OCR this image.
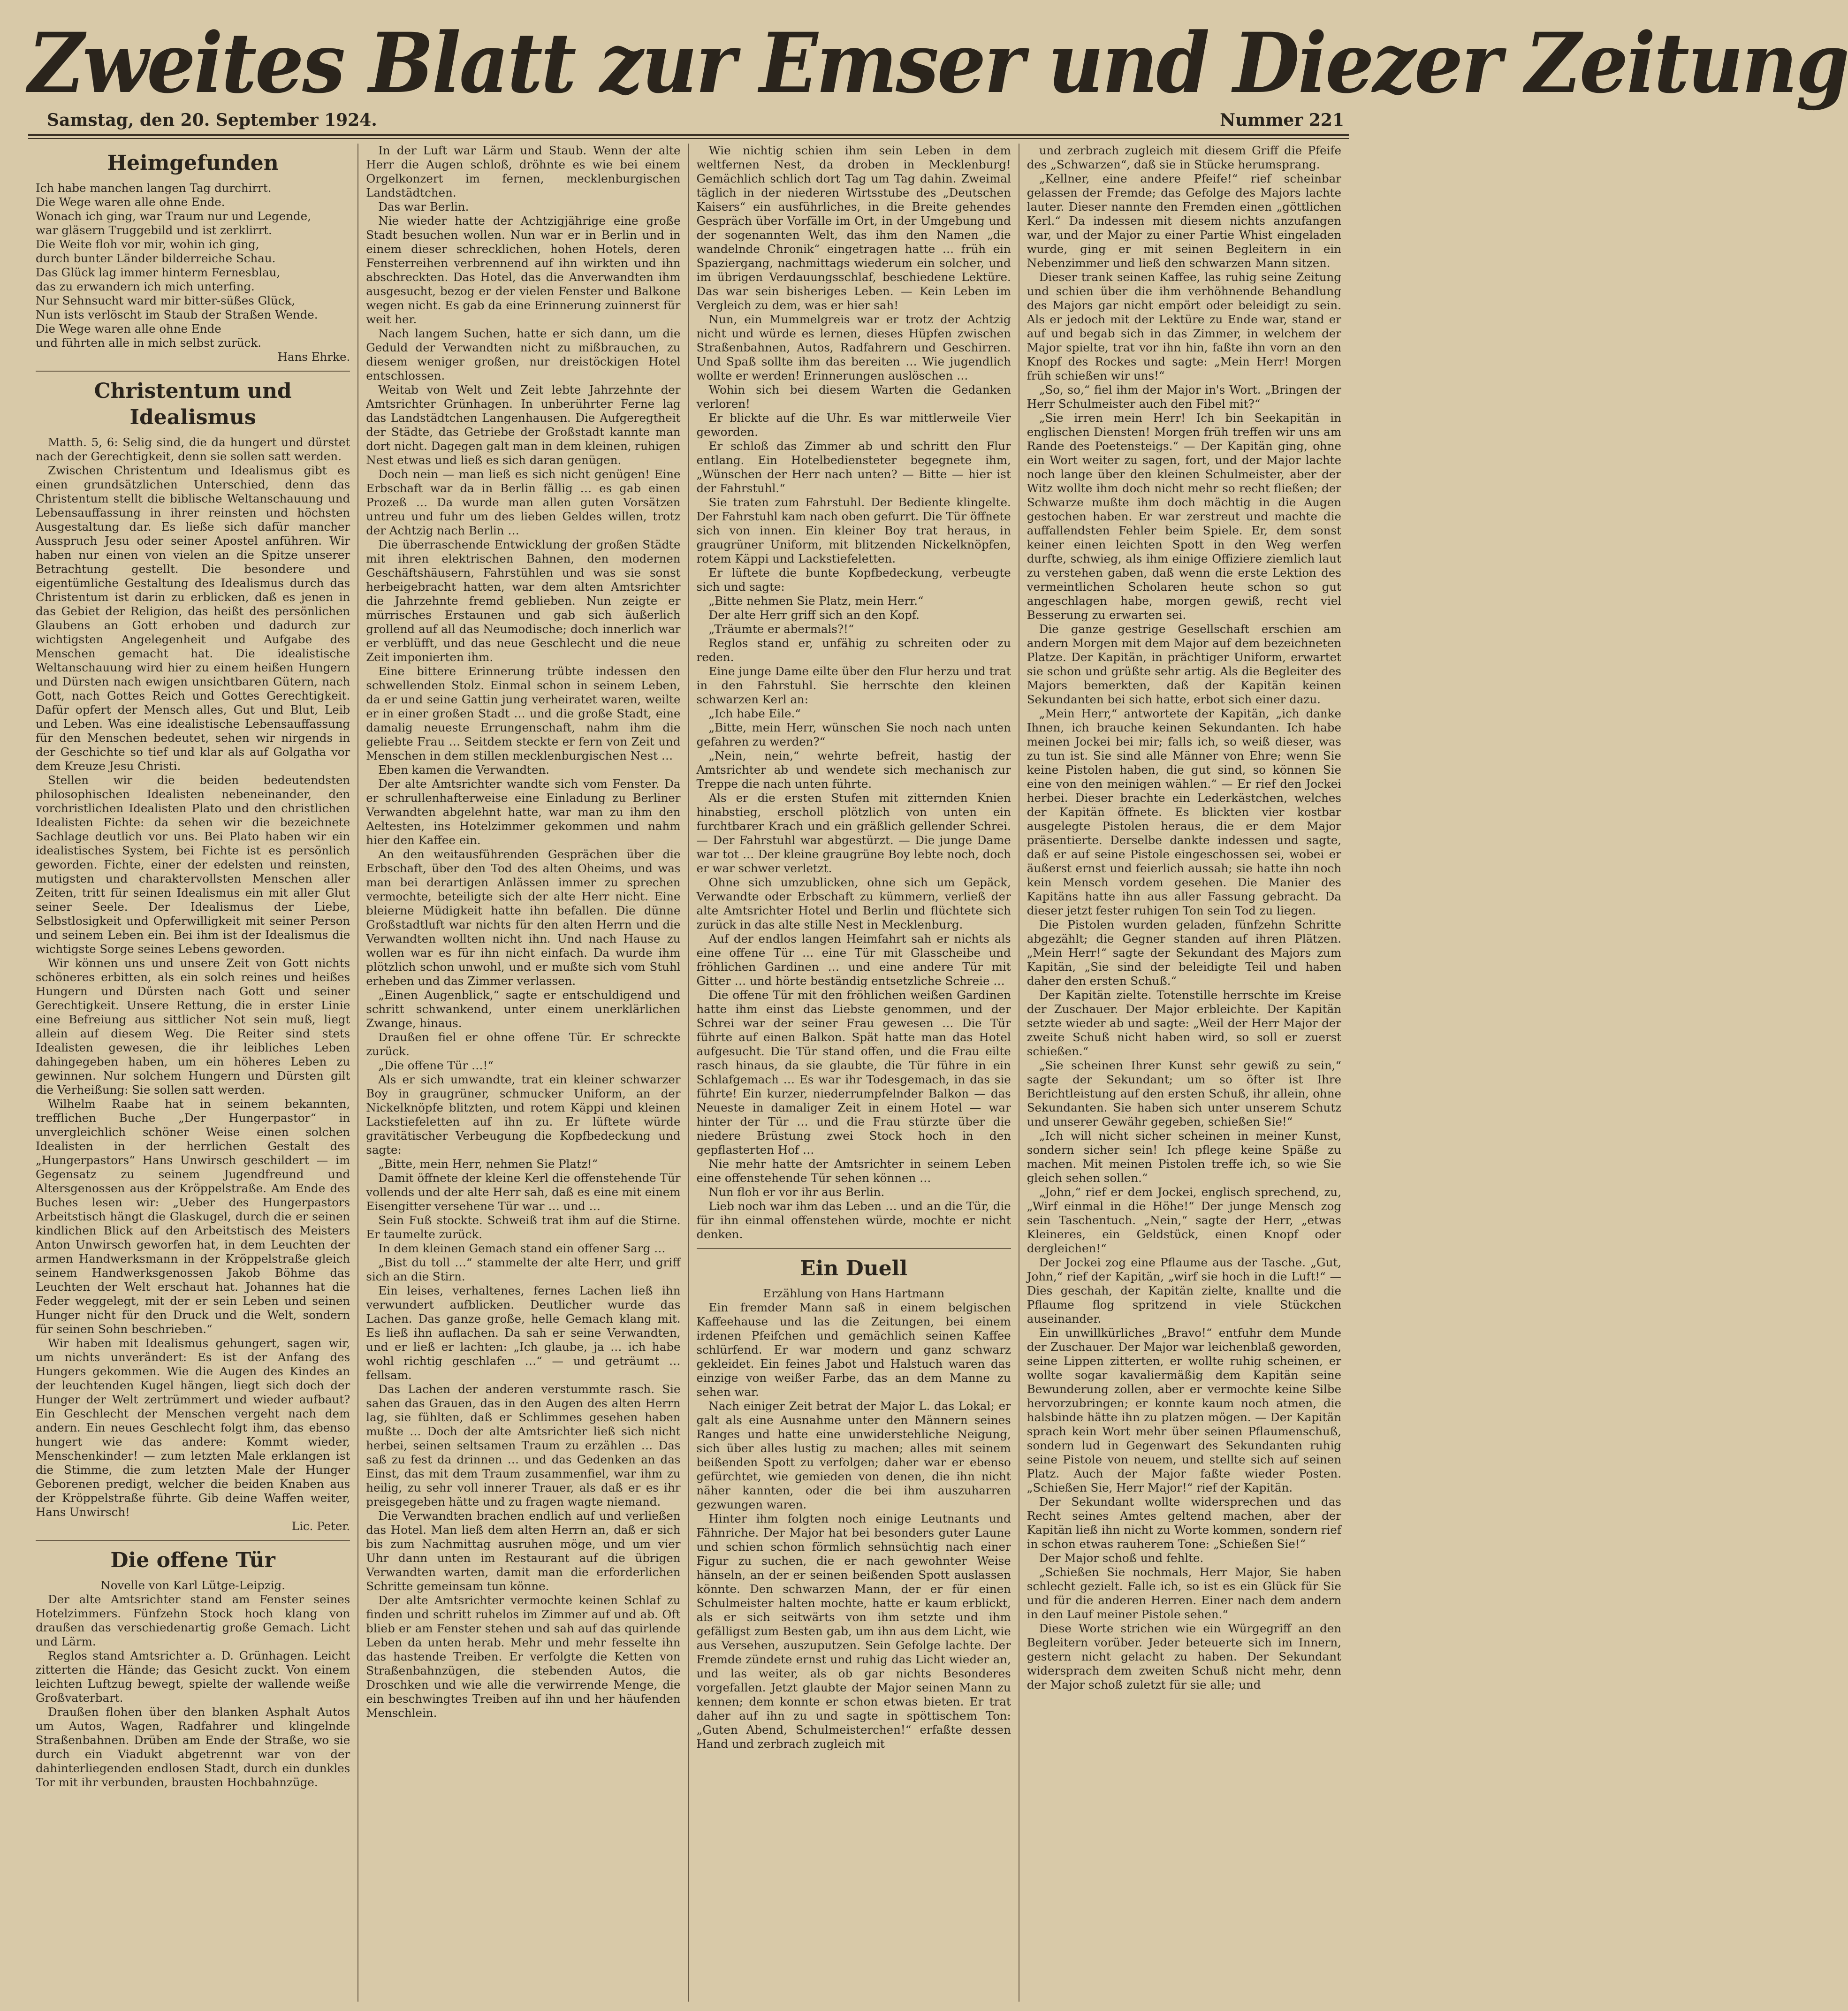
Zweites Blatt zur Emser und Diezer Zeitung
Samstag, den 20. September 1924.	Nummer 221
Heimgefunden

Ich habe manchen langen Tag durchirrt.

Die Wege waren alle ohne Ende.

Wonach ich ging, war Traum nur und Legende,

war gläsern Truggebild und ist zerklirrt.

Die Weite floh vor mir, wohin ich ging,

durch bunter Länder bilderreiche Schau.

Das Glück lag immer hinterm Fernesblau,

das zu erwandern ich mich unterfing.

Nur Sehnsucht ward mir bitter-süßes Glück,

Nun ists verlöscht im Staub der Straßen Wende.

Die Wege waren alle ohne Ende

und führten alle in mich selbst zurück.

Hans Ehrke.

Christentum und Idealismus

Matth. 5, 6: Selig sind, die da hungert und dürstet nach der Gerechtigkeit, denn sie sollen satt werden.

Zwischen Christentum und Idealismus gibt es einen grundsätzlichen Unterschied, denn das Christentum stellt die biblische Weltanschauung und Lebensauffassung in ihrer reinsten und höchsten Ausgestaltung dar. Es ließe sich dafür mancher Ausspruch Jesu oder seiner Apostel anführen. Wir haben nur einen von vielen an die Spitze unserer Betrachtung gestellt. Die besondere und eigentümliche Gestaltung des Idealismus durch das Christentum ist darin zu erblicken, daß es jenen in das Gebiet der Religion, das heißt des persönlichen Glaubens an Gott erhoben und dadurch zur wichtigsten Angelegenheit und Aufgabe des Menschen gemacht hat. Die idealistische Weltanschauung wird hier zu einem heißen Hungern und Dürsten nach ewigen unsichtbaren Gütern, nach Gott, nach Gottes Reich und Gottes Gerechtigkeit. Dafür opfert der Mensch alles, Gut und Blut, Leib und Leben. Was eine idealistische Lebensauffassung für den Menschen bedeutet, sehen wir nirgends in der Geschichte so tief und klar als auf Golgatha vor dem Kreuze Jesu Christi.

Stellen wir die beiden bedeutendsten philosophischen Idealisten nebeneinander, den vorchristlichen Idealisten Plato und den christlichen Idealisten Fichte: da sehen wir die bezeichnete Sachlage deutlich vor uns. Bei Plato haben wir ein idealistisches System, bei Fichte ist es persönlich geworden. Fichte, einer der edelsten und reinsten, mutigsten und charaktervollsten Menschen aller Zeiten, tritt für seinen Idealismus ein mit aller Glut seiner Seele. Der Idealismus der Liebe, Selbstlosigkeit und Opferwilligkeit mit seiner Person und seinem Leben ein. Bei ihm ist der Idealismus die wichtigste Sorge seines Lebens geworden.

Wir können uns und unsere Zeit von Gott nichts schöneres erbitten, als ein solch reines und heißes Hungern und Dürsten nach Gott und seiner Gerechtigkeit. Unsere Rettung, die in erster Linie eine Befreiung aus sittlicher Not sein muß, liegt allein auf diesem Weg. Die Reiter sind stets Idealisten gewesen, die ihr leibliches Leben dahingegeben haben, um ein höheres Leben zu gewinnen. Nur solchem Hungern und Dürsten gilt die Verheißung: Sie sollen satt werden.

Wilhelm Raabe hat in seinem bekannten, trefflichen Buche „Der Hungerpastor“ in unvergleichlich schöner Weise einen solchen Idealisten in der herrlichen Gestalt des „Hungerpastors“ Hans Unwirsch geschildert — im Gegensatz zu seinem Jugendfreund und Altersgenossen aus der Kröppelstraße. Am Ende des Buches lesen wir: „Ueber des Hungerpastors Arbeitstisch hängt die Glaskugel, durch die er seinen kindlichen Blick auf den Arbeitstisch des Meisters Anton Unwirsch geworfen hat, in dem Leuchten der armen Handwerksmann in der Kröppelstraße gleich seinem Handwerksgenossen Jakob Böhme das Leuchten der Welt erschaut hat. Johannes hat die Feder weggelegt, mit der er sein Leben und seinen Hunger nicht für den Druck und die Welt, sondern für seinen Sohn beschrieben.“

Wir haben mit Idealismus gehungert, sagen wir, um nichts unverändert: Es ist der Anfang des Hungers gekommen. Wie die Augen des Kindes an der leuchtenden Kugel hängen, liegt sich doch der Hunger der Welt zertrümmert und wieder aufbaut? Ein Geschlecht der Menschen vergeht nach dem andern. Ein neues Geschlecht folgt ihm, das ebenso hungert wie das andere: Kommt wieder, Menschenkinder! — zum letzten Male erklangen ist die Stimme, die zum letzten Male der Hunger Geborenen predigt, welcher die beiden Knaben aus der Kröppelstraße führte. Gib deine Waffen weiter, Hans Unwirsch!

Lic. Peter.

Die offene Tür

Novelle von Karl Lütge-Leipzig.

Der alte Amtsrichter stand am Fenster seines Hotelzimmers. Fünfzehn Stock hoch klang von draußen das verschiedenartig große Gemach. Licht und Lärm.

Reglos stand Amtsrichter a. D. Grünhagen. Leicht zitterten die Hände; das Gesicht zuckt. Von einem leichten Luftzug bewegt, spielte der wallende weiße Großvaterbart.

Draußen flohen über den blanken Asphalt Autos um Autos, Wagen, Radfahrer und klingelnde Straßenbahnen. Drüben am Ende der Straße, wo sie durch ein Viadukt abgetrennt war von der dahinterliegenden endlosen Stadt, durch ein dunkles Tor mit ihr verbunden, brausten Hochbahnzüge.

In der Luft war Lärm und Staub. Wenn der alte Herr die Augen schloß, dröhnte es wie bei einem Orgelkonzert im fernen, mecklenburgischen Landstädtchen.

Das war Berlin.

Nie wieder hatte der Achtzigjährige eine große Stadt besuchen wollen. Nun war er in Berlin und in einem dieser schrecklichen, hohen Hotels, deren Fensterreihen verbrennend auf ihn wirkten und ihn abschreckten. Das Hotel, das die Anverwandten ihm ausgesucht, bezog er der vielen Fenster und Balkone wegen nicht. Es gab da eine Erinnerung zuinnerst für weit her.

Nach langem Suchen, hatte er sich dann, um die Geduld der Verwandten nicht zu mißbrauchen, zu diesem weniger großen, nur dreistöckigen Hotel entschlossen.

Weitab von Welt und Zeit lebte Jahrzehnte der Amtsrichter Grünhagen. In unberührter Ferne lag das Landstädtchen Langenhausen. Die Aufgeregtheit der Städte, das Getriebe der Großstadt kannte man dort nicht. Dagegen galt man in dem kleinen, ruhigen Nest etwas und ließ es sich daran genügen.

Doch nein — man ließ es sich nicht genügen! Eine Erbschaft war da in Berlin fällig … es gab einen Prozeß … Da wurde man allen guten Vorsätzen untreu und fuhr um des lieben Geldes willen, trotz der Achtzig nach Berlin …

Die überraschende Entwicklung der großen Städte mit ihren elektrischen Bahnen, den modernen Geschäftshäusern, Fahrstühlen und was sie sonst herbeigebracht hatten, war dem alten Amtsrichter die Jahrzehnte fremd geblieben. Nun zeigte er mürrisches Erstaunen und gab sich äußerlich grollend auf all das Neumodische; doch innerlich war er verblüfft, und das neue Geschlecht und die neue Zeit imponierten ihm.

Eine bittere Erinnerung trübte indessen den schwellenden Stolz. Einmal schon in seinem Leben, da er und seine Gattin jung verheiratet waren, weilte er in einer großen Stadt … und die große Stadt, eine damalig neueste Errungenschaft, nahm ihm die geliebte Frau … Seitdem steckte er fern von Zeit und Menschen in dem stillen mecklenburgischen Nest …

Eben kamen die Verwandten.

Der alte Amtsrichter wandte sich vom Fenster. Da er schrullenhafterweise eine Einladung zu Berliner Verwandten abgelehnt hatte, war man zu ihm den Aeltesten, ins Hotelzimmer gekommen und nahm hier den Kaffee ein.

An den weitausführenden Gesprächen über die Erbschaft, über den Tod des alten Oheims, und was man bei derartigen Anlässen immer zu sprechen vermochte, beteiligte sich der alte Herr nicht. Eine bleierne Müdigkeit hatte ihn befallen. Die dünne Großstadtluft war nichts für den alten Herrn und die Verwandten wollten nicht ihn. Und nach Hause zu wollen war es für ihn nicht einfach. Da wurde ihm plötzlich schon unwohl, und er mußte sich vom Stuhl erheben und das Zimmer verlassen.

„Einen Augenblick,“ sagte er entschuldigend und schritt schwankend, unter einem unerklärlichen Zwange, hinaus.

Draußen fiel er ohne offene Tür. Er schreckte zurück.

„Die offene Tür …!“

Als er sich umwandte, trat ein kleiner schwarzer Boy in graugrüner, schmucker Uniform, an der Nickelknöpfe blitzten, und rotem Käppi und kleinen Lackstiefeletten auf ihn zu. Er lüftete würde gravitätischer Verbeugung die Kopfbedeckung und sagte:

„Bitte, mein Herr, nehmen Sie Platz!“

Damit öffnete der kleine Kerl die offenstehende Tür vollends und der alte Herr sah, daß es eine mit einem Eisengitter versehene Tür war … und …

Sein Fuß stockte. Schweiß trat ihm auf die Stirne. Er taumelte zurück.

In dem kleinen Gemach stand ein offener Sarg …

„Bist du toll …“ stammelte der alte Herr, und griff sich an die Stirn.

Ein leises, verhaltenes, fernes Lachen ließ ihn verwundert aufblicken. Deutlicher wurde das Lachen. Das ganze große, helle Gemach klang mit. Es ließ ihn auflachen. Da sah er seine Verwandten, und er ließ er lachten: „Ich glaube, ja … ich habe wohl richtig geschlafen …“ — und geträumt … fellsam.

Das Lachen der anderen verstummte rasch. Sie sahen das Grauen, das in den Augen des alten Herrn lag, sie fühlten, daß er Schlimmes gesehen haben mußte … Doch der alte Amtsrichter ließ sich nicht herbei, seinen seltsamen Traum zu erzählen … Das saß zu fest da drinnen … und das Gedenken an das Einst, das mit dem Traum zusammenfiel, war ihm zu heilig, zu sehr voll innerer Trauer, als daß er es ihr preisgegeben hätte und zu fragen wagte niemand.

Die Verwandten brachen endlich auf und verließen das Hotel. Man ließ dem alten Herrn an, daß er sich bis zum Nachmittag ausruhen möge, und um vier Uhr dann unten im Restaurant auf die übrigen Verwandten warten, damit man die erforderlichen Schritte gemeinsam tun könne.

Der alte Amtsrichter vermochte keinen Schlaf zu finden und schritt ruhelos im Zimmer auf und ab. Oft blieb er am Fenster stehen und sah auf das quirlende Leben da unten herab. Mehr und mehr fesselte ihn das hastende Treiben. Er verfolgte die Ketten von Straßenbahnzügen, die stebenden Autos, die Droschken und wie alle die verwirrende Menge, die ein beschwingtes Treiben auf ihn und her häufenden Menschlein.

Wie nichtig schien ihm sein Leben in dem weltfernen Nest, da droben in Mecklenburg! Gemächlich schlich dort Tag um Tag dahin. Zweimal täglich in der niederen Wirtsstube des „Deutschen Kaisers“ ein ausführliches, in die Breite gehendes Gespräch über Vorfälle im Ort, in der Umgebung und der sogenannten Welt, das ihm den Namen „die wandelnde Chronik“ eingetragen hatte … früh ein Spaziergang, nachmittags wiederum ein solcher, und im übrigen Verdauungsschlaf, beschiedene Lektüre. Das war sein bisheriges Leben. — Kein Leben im Vergleich zu dem, was er hier sah!

Nun, ein Mummelgreis war er trotz der Achtzig nicht und würde es lernen, dieses Hüpfen zwischen Straßenbahnen, Autos, Radfahrern und Geschirren. Und Spaß sollte ihm das bereiten … Wie jugendlich wollte er werden! Erinnerungen auslöschen …

Wohin sich bei diesem Warten die Gedanken verloren!

Er blickte auf die Uhr. Es war mittlerweile Vier geworden.

Er schloß das Zimmer ab und schritt den Flur entlang. Ein Hotelbediensteter begegnete ihm, „Wünschen der Herr nach unten? — Bitte — hier ist der Fahrstuhl.“

Sie traten zum Fahrstuhl. Der Bediente klingelte. Der Fahrstuhl kam nach oben gefurrt. Die Tür öffnete sich von innen. Ein kleiner Boy trat heraus, in graugrüner Uniform, mit blitzenden Nickelknöpfen, rotem Käppi und Lackstiefeletten.

Er lüftete die bunte Kopfbedeckung, verbeugte sich und sagte:

„Bitte nehmen Sie Platz, mein Herr.“

Der alte Herr griff sich an den Kopf.

„Träumte er abermals?!“

Reglos stand er, unfähig zu schreiten oder zu reden.

Eine junge Dame eilte über den Flur herzu und trat in den Fahrstuhl. Sie herrschte den kleinen schwarzen Kerl an:

„Ich habe Eile.“

„Bitte, mein Herr, wünschen Sie noch nach unten gefahren zu werden?“

„Nein, nein,“ wehrte befreit, hastig der Amtsrichter ab und wendete sich mechanisch zur Treppe die nach unten führte.

Als er die ersten Stufen mit zitternden Knien hinabstieg, erscholl plötzlich von unten ein furchtbarer Krach und ein gräßlich gellender Schrei. — Der Fahrstuhl war abgestürzt. — Die junge Dame war tot … Der kleine graugrüne Boy lebte noch, doch er war schwer verletzt.

Ohne sich umzublicken, ohne sich um Gepäck, Verwandte oder Erbschaft zu kümmern, verließ der alte Amtsrichter Hotel und Berlin und flüchtete sich zurück in das alte stille Nest in Mecklenburg.

Auf der endlos langen Heimfahrt sah er nichts als eine offene Tür … eine Tür mit Glasscheibe und fröhlichen Gardinen … und eine andere Tür mit Gitter … und hörte beständig entsetzliche Schreie …

Die offene Tür mit den fröhlichen weißen Gardinen hatte ihm einst das Liebste genommen, und der Schrei war der seiner Frau gewesen … Die Tür führte auf einen Balkon. Spät hatte man das Hotel aufgesucht. Die Tür stand offen, und die Frau eilte rasch hinaus, da sie glaubte, die Tür führe in ein Schlafgemach … Es war ihr Todesgemach, in das sie führte! Ein kurzer, niederrumpfelnder Balkon — das Neueste in damaliger Zeit in einem Hotel — war hinter der Tür … und die Frau stürzte über die niedere Brüstung zwei Stock hoch in den gepflasterten Hof …

Nie mehr hatte der Amtsrichter in seinem Leben eine offenstehende Tür sehen können …

Nun floh er vor ihr aus Berlin.

Lieb noch war ihm das Leben … und an die Tür, die für ihn einmal offenstehen würde, mochte er nicht denken.

Ein Duell

Erzählung von Hans Hartmann

Ein fremder Mann saß in einem belgischen Kaffeehause und las die Zeitungen, bei einem irdenen Pfeifchen und gemächlich seinen Kaffee schlürfend. Er war modern und ganz schwarz gekleidet. Ein feines Jabot und Halstuch waren das einzige von weißer Farbe, das an dem Manne zu sehen war.

Nach einiger Zeit betrat der Major L. das Lokal; er galt als eine Ausnahme unter den Männern seines Ranges und hatte eine unwiderstehliche Neigung, sich über alles lustig zu machen; alles mit seinem beißenden Spott zu verfolgen; daher war er ebenso gefürchtet, wie gemieden von denen, die ihn nicht näher kannten, oder die bei ihm auszuharren gezwungen waren.

Hinter ihm folgten noch einige Leutnants und Fähnriche. Der Major hat bei besonders guter Laune und schien schon förmlich sehnsüchtig nach einer Figur zu suchen, die er nach gewohnter Weise hänseln, an der er seinen beißenden Spott auslassen könnte. Den schwarzen Mann, der er für einen Schulmeister halten mochte, hatte er kaum erblickt, als er sich seitwärts von ihm setzte und ihm gefälligst zum Besten gab, um ihn aus dem Licht, wie aus Versehen, auszuputzen. Sein Gefolge lachte. Der Fremde zündete ernst und ruhig das Licht wieder an, und las weiter, als ob gar nichts Besonderes vorgefallen. Jetzt glaubte der Major seinen Mann zu kennen; dem konnte er schon etwas bieten. Er trat daher auf ihn zu und sagte in spöttischem Ton: „Guten Abend, Schulmeisterchen!“ erfaßte dessen Hand und zerbrach zugleich mit

und zerbrach zugleich mit diesem Griff die Pfeife des „Schwarzen“, daß sie in Stücke herumsprang.

„Kellner, eine andere Pfeife!“ rief scheinbar gelassen der Fremde; das Gefolge des Majors lachte lauter. Dieser nannte den Fremden einen „göttlichen Kerl.“ Da indessen mit diesem nichts anzufangen war, und der Major zu einer Partie Whist eingeladen wurde, ging er mit seinen Begleitern in ein Nebenzimmer und ließ den schwarzen Mann sitzen.

Dieser trank seinen Kaffee, las ruhig seine Zeitung und schien über die ihm verhöhnende Behandlung des Majors gar nicht empört oder beleidigt zu sein. Als er jedoch mit der Lektüre zu Ende war, stand er auf und begab sich in das Zimmer, in welchem der Major spielte, trat vor ihn hin, faßte ihn vorn an den Knopf des Rockes und sagte: „Mein Herr! Morgen früh schießen wir uns!“

„So, so,“ fiel ihm der Major in's Wort. „Bringen der Herr Schulmeister auch den Fibel mit?“

„Sie irren mein Herr! Ich bin Seekapitän in englischen Diensten! Morgen früh treffen wir uns am Rande des Poetensteigs.“ — Der Kapitän ging, ohne ein Wort weiter zu sagen, fort, und der Major lachte noch lange über den kleinen Schulmeister, aber der Witz wollte ihm doch nicht mehr so recht fließen; der Schwarze mußte ihm doch mächtig in die Augen gestochen haben. Er war zerstreut und machte die auffallendsten Fehler beim Spiele. Er, dem sonst keiner einen leichten Spott in den Weg werfen durfte, schwieg, als ihm einige Offiziere ziemlich laut zu verstehen gaben, daß wenn die erste Lektion des vermeintlichen Scholaren heute schon so gut angeschlagen habe, morgen gewiß, recht viel Besserung zu erwarten sei.

Die ganze gestrige Gesellschaft erschien am andern Morgen mit dem Major auf dem bezeichneten Platze. Der Kapitän, in prächtiger Uniform, erwartet sie schon und grüßte sehr artig. Als die Begleiter des Majors bemerkten, daß der Kapitän keinen Sekundanten bei sich hatte, erbot sich einer dazu.

„Mein Herr,“ antwortete der Kapitän, „ich danke Ihnen, ich brauche keinen Sekundanten. Ich habe meinen Jockei bei mir; falls ich, so weiß dieser, was zu tun ist. Sie sind alle Männer von Ehre; wenn Sie keine Pistolen haben, die gut sind, so können Sie eine von den meinigen wählen.“ — Er rief den Jockei herbei. Dieser brachte ein Lederkästchen, welches der Kapitän öffnete. Es blickten vier kostbar ausgelegte Pistolen heraus, die er dem Major präsentierte. Derselbe dankte indessen und sagte, daß er auf seine Pistole eingeschossen sei, wobei er äußerst ernst und feierlich aussah; sie hatte ihn noch kein Mensch vordem gesehen. Die Manier des Kapitäns hatte ihn aus aller Fassung gebracht. Da dieser jetzt fester ruhigen Ton sein Tod zu liegen.

Die Pistolen wurden geladen, fünfzehn Schritte abgezählt; die Gegner standen auf ihren Plätzen. „Mein Herr!“ sagte der Sekundant des Majors zum Kapitän, „Sie sind der beleidigte Teil und haben daher den ersten Schuß.“

Der Kapitän zielte. Totenstille herrschte im Kreise der Zuschauer. Der Major erbleichte. Der Kapitän setzte wieder ab und sagte: „Weil der Herr Major der zweite Schuß nicht haben wird, so soll er zuerst schießen.“

„Sie scheinen Ihrer Kunst sehr gewiß zu sein,“ sagte der Sekundant; um so öfter ist Ihre Berichtleistung auf den ersten Schuß, ihr allein, ohne Sekundanten. Sie haben sich unter unserem Schutz und unserer Gewähr gegeben, schießen Sie!“

„Ich will nicht sicher scheinen in meiner Kunst, sondern sicher sein! Ich pflege keine Späße zu machen. Mit meinen Pistolen treffe ich, so wie Sie gleich sehen sollen.“

„John,“ rief er dem Jockei, englisch sprechend, zu, „Wirf einmal in die Höhe!“ Der junge Mensch zog sein Taschentuch. „Nein,“ sagte der Herr, „etwas Kleineres, ein Geldstück, einen Knopf oder dergleichen!“

Der Jockei zog eine Pflaume aus der Tasche. „Gut, John,“ rief der Kapitän, „wirf sie hoch in die Luft!“ — Dies geschah, der Kapitän zielte, knallte und die Pflaume flog spritzend in viele Stückchen auseinander.

Ein unwillkürliches „Bravo!“ entfuhr dem Munde der Zuschauer. Der Major war leichenblaß geworden, seine Lippen zitterten, er wollte ruhig scheinen, er wollte sogar kavaliermäßig dem Kapitän seine Bewunderung zollen, aber er vermochte keine Silbe hervorzubringen; er konnte kaum noch atmen, die halsbinde hätte ihn zu platzen mögen. — Der Kapitän sprach kein Wort mehr über seinen Pflaumenschuß, sondern lud in Gegenwart des Sekundanten ruhig seine Pistole von neuem, und stellte sich auf seinen Platz. Auch der Major faßte wieder Posten. „Schießen Sie, Herr Major!“ rief der Kapitän.

Der Sekundant wollte widersprechen und das Recht seines Amtes geltend machen, aber der Kapitän ließ ihn nicht zu Worte kommen, sondern rief in schon etwas rauherem Tone: „Schießen Sie!“

Der Major schoß und fehlte.

„Schießen Sie nochmals, Herr Major, Sie haben schlecht gezielt. Falle ich, so ist es ein Glück für Sie und für die anderen Herren. Einer nach dem andern in den Lauf meiner Pistole sehen.“

Diese Worte strichen wie ein Würgegriff an den Begleitern vorüber. Jeder beteuerte sich im Innern, gestern nicht gelacht zu haben. Der Sekundant widersprach dem zweiten Schuß nicht mehr, denn der Major schoß zuletzt für sie alle; und
